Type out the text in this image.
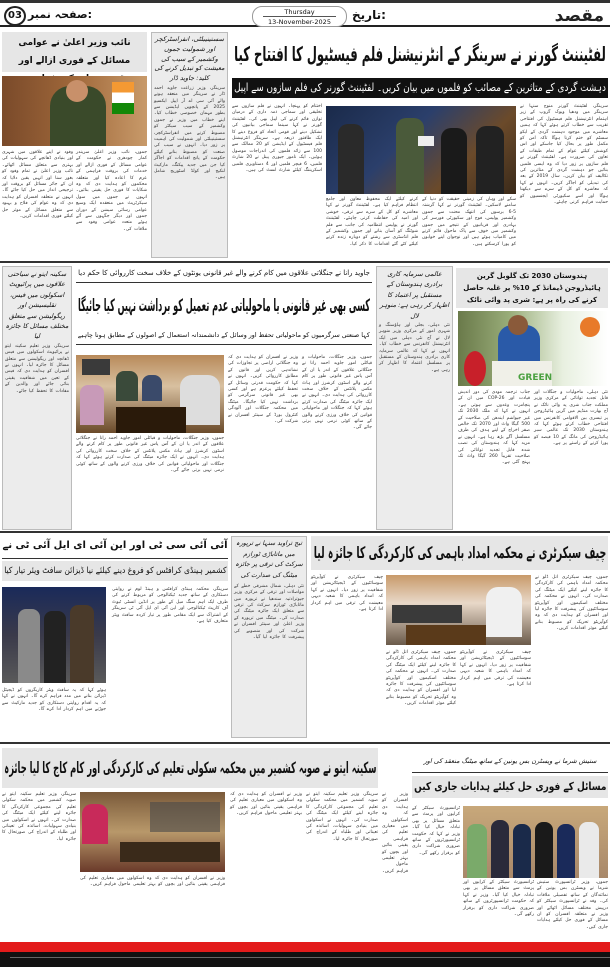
مقصد
تاریخ:
Thursday
13-November-2025
صفحہ نمبر:
03
لفٹیننٹ گورنر نے سرینگر کے انٹرنیشنل فلم فیسٹیول کا افتتاح کیا
دہشت گردی کے متاثرین کے مصائب کو فلموں میں بیان کریں۔ لفٹیننٹ گورنر کی فلم سازوں سے اپیل
سرینگر، لفٹیننٹ گورنر منوج سنہا نے سرینگر میں ودھیا ویوک گروپ کے زیر اہتمام انٹرنیشنل فلم فیسٹیول کی افتتاحی تقریب سے خطاب کرتے ہوئے کہا کہ ہمیں معاشرے میں موجود دہشت گردی کے ایکو سسٹم کو ختم کرنا ہوگا تاکہ امن کو مکمل طور پر بحال کیا جاسکے اور اس کوشش کیلئے عوام کے تمام طبقات کے تعاون کی ضرورت ہے۔ لفٹیننٹ گورنر نے فلم سازوں پر زور دیا کہ وہ ایسی فلمیں بنائیں جو دہشت گردی کے متاثرین کی تکالیف کو بیان کریں۔ سال 2019 کے بعد کی تبدیلی کو اجاگر کریں۔ انہوں نے کہا کہ معاشرہ کو کل کے سرے سے دیکھنا ہوگا اور اسے سکیورٹی ایجنسیوں کو حمایت فراہم کرنی چاہئے۔
اختتام کو پہنچا۔ انہوں نے فلم سازوں سے تخلیقی اور سماجی ذمہ داری کے درمیان توازن قائم کرنے کی اپیل بھی کی۔ لفٹیننٹ گورنر نے کہا سینما سماجی بیانیوں کی تشکیل دینے اور قومی اتحاد کو فروغ دینے کا ایک طاقتور ذریعہ ہے۔ سرینگر انٹرنیشنل فلم فیسٹیول کے ایڈیشن کو 20 ممالک سے 100 سے زائد فلموں کی اندراجات موصول ہوئیں۔ ایک نامور جیوری پینل نے 20 شارٹ فلمیں، 6 فیچر فلمیں اور 4 دستاویزی فلمیں اسکریننگ کیلئے شارٹ لسٹ کی ہیں۔
کرنے کیلئے ایک محفوظ معاون اور جامع انتظام فراہم کیا ہے۔ لفٹیننٹ گورنر نے کہا معاشرے کو کل کے سرے سے ترقی، خوشی اور امید کی حفاظت کرنی چاہئے۔ لفٹیننٹ گورنر نے پولیس انتظامیہ کی جانب سے فلم شوٹنگ کو آسان بنانے اور جموں وکشمیر کے فلم انڈسٹری سے رشتے کو دوبارہ زندہ کرنے کیلئے کئے گئے اقدامات کا ذکر کیا۔
سکے اور وہاں کی زمینی حقیقت کو دنیا کے سامنے لاسکیں۔ لفٹیننٹ گورنر نے کہا گزشتہ 5-6 برسوں کی انتھک محنت سے جموں وکشمیر پولیس، فوج اور سکیورٹی فورسز کی بہادری اور قربانیوں کے نتیجے میں جموں وکشمیر میں خوف سے پاک ماحول قائم کرنے میں کامیاب ہوئے ہیں اور نوجوان اپنے خوابوں کو پورا کرسکتے ہیں۔
نائب وزیر اعلیٰ نے عوامی مسائل کے فوری ازالے اور
جموں، نائب وزیر اعلیٰ سریندر کمار چودھری نے حکومت کے عوامی مسائل کے فوری ازالے اور خدمات کی بروقت فراہمی کے عزم کا اعادہ کیا اور متعلقہ محکموں کو ہدایت دی کہ وہ شکایات کا فوری حل یقینی بنائیں۔ انہوں نے جموں میں سول سیکرٹریٹ میں منعقدہ ایک وسیع عوامی رسائی سیشن کے دوران جموں اور دیگر جگہوں سے آئے ہوئے متعدد عوامی وفود سے ملاقات کی۔
وفود نے اپنے علاقوں میں شہری اور بنیادی ڈھانچے کی سہولیات کی بہتری سے متعلق مسائل اٹھائے۔ نائب وزیر اعلیٰ نے تمام وفود کو بغور سنا اور انہیں یقین دلایا کہ ان کے جائز مسائل کو بروقت اور ترجیحی انداز میں حل کیا جائے گا۔ انہوں نے متعلقہ افسران کو ہدایت دی کہ وہ عوام کی فلاح و بہبود سے متعلق مسائل کے موثر حل کیلئے فوری اقدامات کریں۔
سستینیبلٹی، انفراسٹرکچر اور شمولیت جموں وکشمیر کے سیب کی معیشت کو تبدیل کرنے کی کلید: جاوید ڈار
سرینگر، وزیر زراعت جاوید احمد ڈار نے سرینگر میں منعقد ہونے والے آئی سی اے آر اپیل ایکسپو 2025 کے پانچویں ایڈیشن سے بطور مہمان خصوصی خطاب کیا۔ اپنے خطاب میں وزیر نے جموں وکشمیر کے سیب سیکٹر کو مضبوط کرنے میں انفراسٹرکچر، سستینیبلٹی اور شمولیت کی اہمیت پر زور دیا۔ انہوں نے سیب کی صنعت کو مضبوط بنانے کیلئے حکومت کے پانچ اقدامات کو اجاگر کیا جن میں جدید پیکنگ، مارکیٹ لنکیج اور کولڈ اسٹوریج شامل ہیں۔
جاوید رانا نے جنگلاتی علاقوں میں کام کرنے والے غیر قانونی یونٹوں کے خلاف سخت کارروائی کا حکم دیا
کسی بھی غیر قانونی یا ماحولیاتی عدم تعمیل کو برداشت نہیں کیا جائیگا
کہا صنعتی سرگرمیوں کو ماحولیاتی تحفظ اور وسائل کے دانشمندانہ استعمال کے اصولوں کے مطابق ہونا چاہیے
جموں، وزیر جنگلات، ماحولیات و قبائلی امور جاوید احمد رانا نے جنگلاتی علاقوں کے اندر یا ان کے آس پاس غیر قانونی طور پر کام کرنے والے اسٹون کرشرز اور ہاٹ مکس پلانٹس کے خلاف سخت کارروائی کی ہدایت دی۔ انہوں نے ایک جائزہ میٹنگ کی صدارت کرتے ہوئے کہا کہ جنگلات اور ماحولیاتی قوانین کی خلاف ورزی کرنے والوں کے ساتھ کوئی نرمی نہیں برتی جائے گی۔
وزیر نے افسران کو ہدایت دی کہ وہ جنگلاتی اراضی پر تجاوزات کی نشاندہی کریں اور قانون کے مطابق کارروائی کریں۔ انہوں نے کہا کہ حکومت قدرتی وسائل کے تحفظ کیلئے پرعزم ہے اور کسی بھی غیر قانونی سرگرمی کو برداشت نہیں کیا جائیگا۔ میٹنگ میں محکمہ جنگلات اور آلودگی کنٹرول بورڈ کے سینئر افسران نے شرکت کی۔
جموں، وزیر جنگلات، ماحولیات و قبائلی امور جاوید احمد رانا نے جنگلاتی علاقوں کے اندر یا ان کے آس پاس غیر قانونی طور پر کام کرنے والے اسٹون کرشرز اور ہاٹ مکس پلانٹس کے خلاف سخت کارروائی کی ہدایت دی۔ انہوں نے ایک جائزہ میٹنگ کی صدارت کرتے ہوئے کہا کہ جنگلات اور ماحولیاتی قوانین کی خلاف ورزی کرنے والوں کے ساتھ کوئی نرمی نہیں برتی جائے گی۔
سکینہ ایتو نے سیاحتی علاقوں میں پرائیویٹ اسکولوں میں فیس، تقلیسیشن اور ریگولیشن سے متعلق مختلف مسائل کا جائزہ لیا
سرینگر، وزیر تعلیم سکینہ ایتو نے پرائیویٹ اسکولوں میں فیس ڈھانچہ اور ریگولیشن سے متعلق مسائل کا جائزہ لیا۔ انہوں نے افسران کو ہدایت دی کہ فیس کے تعین میں شفافیت یقینی بنائی جائے اور والدین کے مفادات کا تحفظ کیا جائے۔
عالمی سرمایہ کاری برادری ہندوستان کے مستقبل پر اعتماد کا اظہار کر رہی ہے: منوہر لال
نئی دہلی، بجلی اور ہاؤسنگ و شہری امور کے مرکزی وزیر منوہر لال نے آج نئی دہلی میں ایک انٹرنیشنل کانفرنس سے خطاب کیا۔ انہوں نے کہا کہ عالمی سرمایہ کاری برادری ہندوستان کے مستقبل پر مسلسل اعتماد کا اظہار کر رہی ہے۔
ہندوستان 2030 تک گلوبل گرین ہائیڈروجن ڈیمانڈ کے 10% پر غلبہ حاصل کرنے کی راہ پر ہے: شری پد وائی نائک
GREEN
نئی دہلی، ماحولیات و جنگلات اور قابل تجدید توانائی کے مرکزی وزیر مملکت جناب شری پد وائی نائک نے آج بھارت منڈپم میں گرین ہائیڈروجن پر تیسری بین الاقوامی کانفرنس میں افتتاحی خطاب کرتے ہوئے کہا کہ ہندوستان 2030 تک عالمی سبز ہائیڈروجن کی مانگ کے 10 فیصد کو پورا کرنے کے راستے پر ہے۔
جناب ترجمہ مودی کی دور اندیش قیادت اور COP-26 میں ان کے پنچامرت وعدوں سے ہوتی ہے۔ انہوں نے کہا کہ ملک 2030 تک غیر جیواشم ایندھن کی صلاحیت کے 500 گیگا واٹ اور 2070 تک خالص صفر اخراج کے اپنے ہدف کی طرف مسلسل آگے بڑھ رہا ہے۔ انہوں نے مزید کہا کہ ہندوستان کی نصب شدہ قابل تجدید توانائی کی صلاحیت تقریباً 260 گیگا واٹ تک پہنچ گئی ہے۔
آئی آئی سی ٹی اور این آئی ای ایل آئی ٹی نے
کشمیر ہینڈی کرافٹس کو فروغ دینے کیلئے نیا ڈیزائن سافٹ ویئر تیار کیا
سرینگر، محکمہ ہینڈی کرافٹس و ہینڈ لوم نے روایتی دستکاری کے ساتھ جدید ٹیکنالوجی کو مربوط کرنے کی طرف ایک اہم سنگ میل کے طور پر انڈین انسٹی ٹیوٹ آف کارپٹ ٹیکنالوجی اور این آئی ای ایل آئی ٹی سرینگر کے اشتراک سے ایک مقامی طور پر تیار کردہ سافٹ ویئر متعارف کیا ہے۔
ہوئے کہا کہ یہ سافٹ ویئر کاریگروں کو ڈیجیٹل ڈیزائن بنانے میں مدد فراہم کرے گا۔ انہوں نے کہا کہ یہ اقدام روایتی دستکاری کو جدید مارکیٹ سے جوڑنے میں اہم کردار ادا کرے گا۔
تیج تراوید سنہا نے ترپورہ میں ماتاباڑی ٹورازم سرکٹ کی ترقی پر جائزہ میٹنگ کی صدارت کی
نئی دہلی، شمال مشرقی خطے کے مواصلات اور ترقی کے مرکزی وزیر جیوترادتیہ سندھیا نے ترپورہ میں ماتاباڑی ٹورازم سرکٹ کی ترقی سے متعلق ایک جائزہ میٹنگ کی صدارت کی۔ میٹنگ میں ترپورہ کے وزیر اعلیٰ اور سینئر افسران نے شرکت کی اور منصوبے کی پیشرفت کا جائزہ لیا گیا۔
چیف سیکرٹری نے محکمہ امداد باہمی کی کارکردگی کا جائزہ لیا
جموں، چیف سیکرٹری اتل ڈلو نے محکمہ امداد باہمی کی کارکردگی کا جائزہ لینے کیلئے ایک میٹنگ کی صدارت کی۔ انہوں نے محکمہ کی مختلف اسکیموں اور کوآپریٹو سوسائٹیوں کی پیشرفت کا جائزہ لیا اور افسران کو ہدایت دی کہ وہ کوآپریٹو تحریک کو مضبوط بنانے کیلئے موثر اقدامات کریں۔
چیف سیکرٹری نے کوآپریٹو سوسائٹیوں کے ڈیجیٹائزیشن اور شفافیت پر زور دیا۔ انہوں نے کہا کہ امداد باہمی کا شعبہ دیہی معیشت کی ترقی میں اہم کردار ادا کرتا ہے۔
جموں، چیف سیکرٹری اتل ڈلو نے محکمہ امداد باہمی کی کارکردگی کا جائزہ لینے کیلئے ایک میٹنگ کی صدارت کی۔ انہوں نے محکمہ کی مختلف اسکیموں اور کوآپریٹو سوسائٹیوں کی پیشرفت کا جائزہ لیا اور افسران کو ہدایت دی کہ وہ کوآپریٹو تحریک کو مضبوط بنانے کیلئے موثر اقدامات کریں۔
چیف سیکرٹری نے کوآپریٹو سوسائٹیوں کے ڈیجیٹائزیشن اور شفافیت پر زور دیا۔ انہوں نے کہا کہ امداد باہمی کا شعبہ دیہی معیشت کی ترقی میں اہم کردار ادا کرتا ہے۔
سکینہ ایتو نے صوبہ کشمیر میں محکمہ سکولی تعلیم کی کارکردگی اور کام کاج کا لیا جائزہ
سرینگر، وزیر تعلیم سکینہ ایتو نے صوبہ کشمیر میں محکمہ سکولی تعلیم کی مجموعی کارکردگی کا جائزہ لینے کیلئے ایک میٹنگ کی صدارت کی۔ انہوں نے اسکولوں میں بنیادی سہولیات، اساتذہ کی تعیناتی اور طلباء کے اندراج کی صورتحال کا جائزہ لیا۔
وزیر نے افسران کو ہدایت دی کہ وہ اسکولوں میں معیاری تعلیم کی فراہمی یقینی بنائیں اور بچوں کو بہتر تعلیمی ماحول فراہم کریں۔
سرینگر، وزیر تعلیم سکینہ ایتو نے صوبہ کشمیر میں محکمہ سکولی تعلیم کی مجموعی کارکردگی کا جائزہ لینے کیلئے ایک میٹنگ کی صدارت کی۔ انہوں نے اسکولوں میں بنیادی سہولیات، اساتذہ کی تعیناتی اور طلباء کے اندراج کی صورتحال کا جائزہ لیا۔
وزیر نے افسران کو ہدایت دی کہ وہ اسکولوں میں معیاری تعلیم کی فراہمی یقینی بنائیں اور بچوں کو بہتر تعلیمی ماحول فراہم کریں۔
ستیش شرما نے ویسٹرن بس یونین کے ساتھ میٹنگ منعقد کی اور
مسائل کے فوری حل کیلئے ہدایات جاری کیں
ٹرانسپورٹ سیکٹر کے کرایوں اور پرمٹ سے متعلق مسائل پر بھی تبادلہ خیال کیا گیا۔ وزیر نے کہا کہ حکومت ٹرانسپورٹروں کے ساتھ ضروری شراکت داری کو برقرار رکھے گی۔
جموں، وزیر ٹرانسپورٹ ستیش شرما نے ویسٹرن بس یونین کے نمائندگان کے ساتھ تفصیلی ملاقات کی۔ وفد نے ٹرانسپورٹ سیکٹر کو درپیش مختلف مسائل اٹھائے اور وزیر نے متعلقہ افسران کو ان مسائل کے فوری حل کیلئے ہدایات جاری کیں۔
ٹرانسپورٹ سیکٹر کے کرایوں اور پرمٹ سے متعلق مسائل پر بھی تبادلہ خیال کیا گیا۔ وزیر نے کہا کہ حکومت ٹرانسپورٹروں کے ساتھ ضروری شراکت داری کو برقرار رکھے گی۔
وزیر نے افسران کو ہدایت دی کہ وہ اسکولوں میں معیاری تعلیم کی فراہمی یقینی بنائیں اور بچوں کو بہتر تعلیمی ماحول فراہم کریں۔
